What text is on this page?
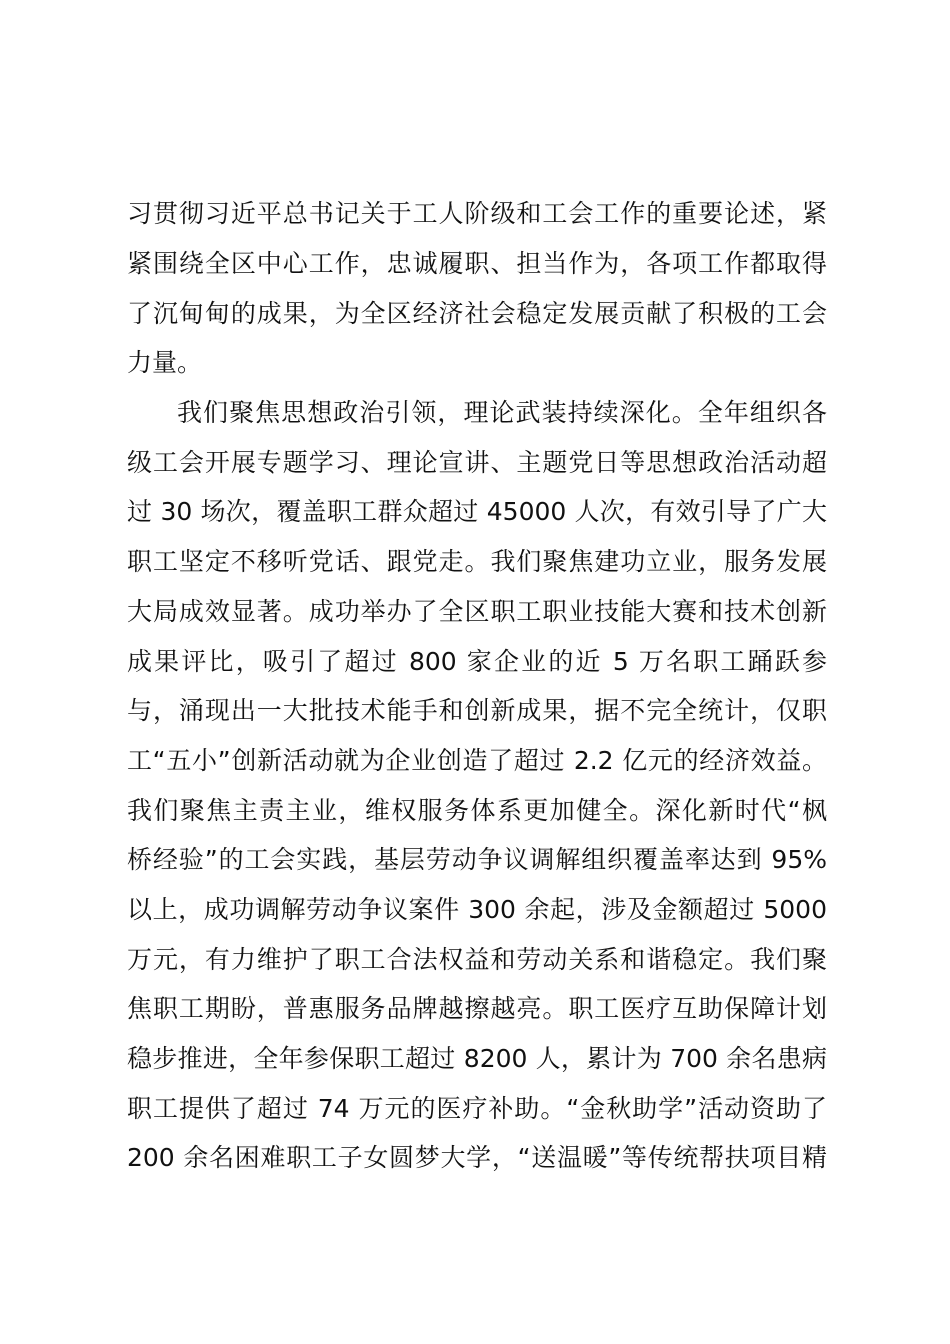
习贯彻习近平总书记关于工人阶级和工会工作的重要论述，紧
紧围绕全区中心工作，忠诚履职、担当作为，各项工作都取得
了沉甸甸的成果，为全区经济社会稳定发展贡献了积极的工会
力量。
我们聚焦思想政治引领，理论武装持续深化。全年组织各
级工会开展专题学习、理论宣讲、主题党日等思想政治活动超
过 30 场次，覆盖职工群众超过 45000 人次，有效引导了广大
职工坚定不移听党话、跟党走。我们聚焦建功立业，服务发展
大局成效显著。成功举办了全区职工职业技能大赛和技术创新
成果评比，吸引了超过 800 家企业的近 5 万名职工踊跃参
与，涌现出一大批技术能手和创新成果，据不完全统计，仅职
工“五小”创新活动就为企业创造了超过 2.2 亿元的经济效益。
我们聚焦主责主业，维权服务体系更加健全。深化新时代“枫
桥经验”的工会实践，基层劳动争议调解组织覆盖率达到 95%
以上，成功调解劳动争议案件 300 余起，涉及金额超过 5000
万元，有力维护了职工合法权益和劳动关系和谐稳定。我们聚
焦职工期盼，普惠服务品牌越擦越亮。职工医疗互助保障计划
稳步推进，全年参保职工超过 8200 人，累计为 700 余名患病
职工提供了超过 74 万元的医疗补助。“金秋助学”活动资助了
200 余名困难职工子女圆梦大学，“送温暖”等传统帮扶项目精
